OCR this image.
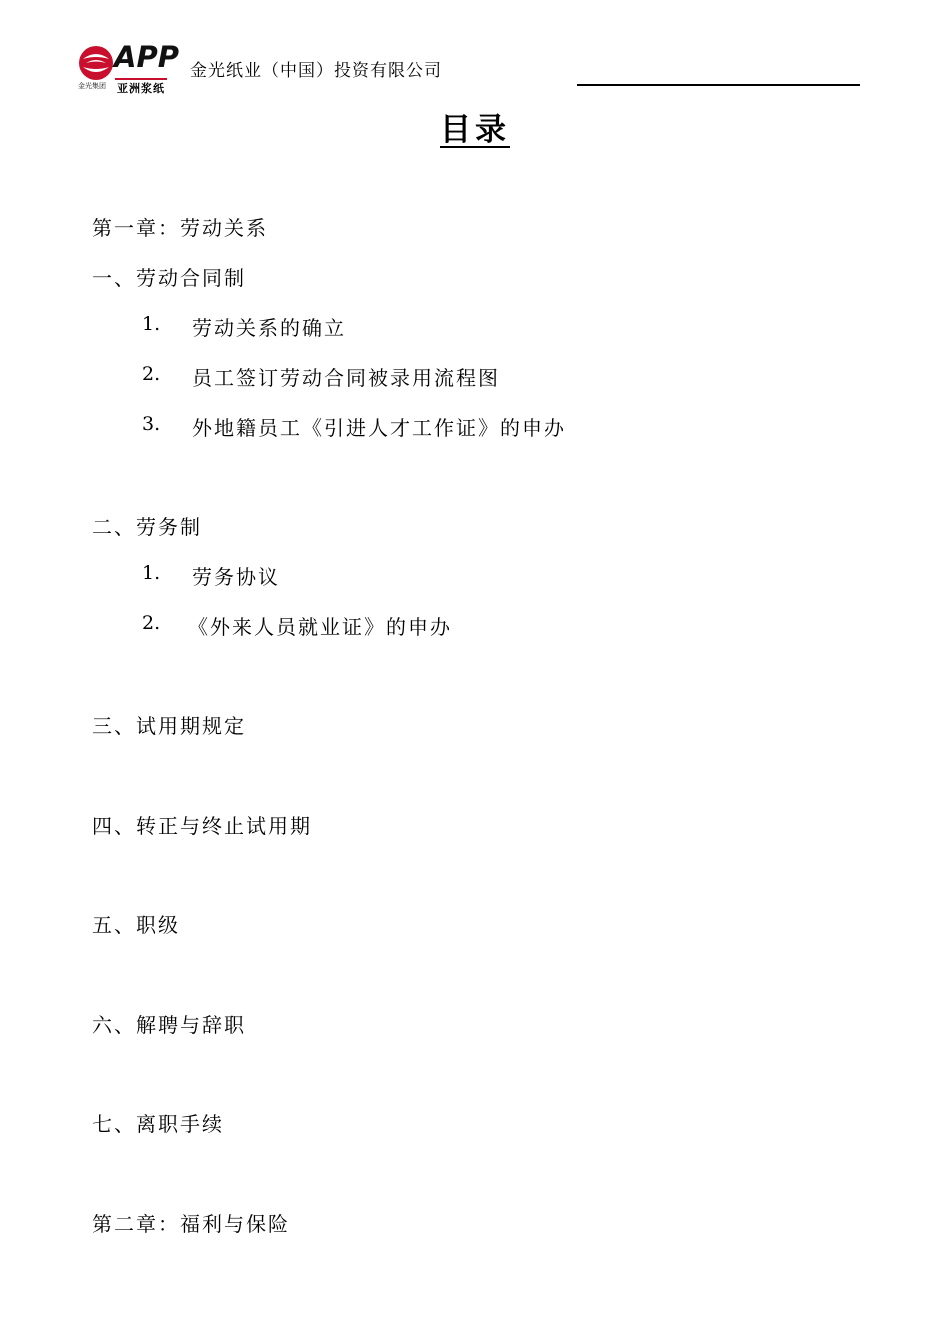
APP
金光集团 亚洲浆纸
金光纸业（中国）投资有限公司
目录
第一章：劳动关系
一、劳动合同制
1. 劳动关系的确立
2. 员工签订劳动合同被录用流程图
3. 外地籍员工《引进人才工作证》的申办
二、劳务制
1. 劳务协议
2. 《外来人员就业证》的申办
三、试用期规定
四、转正与终止试用期
五、职级
六、解聘与辞职
七、离职手续
第二章：福利与保险
